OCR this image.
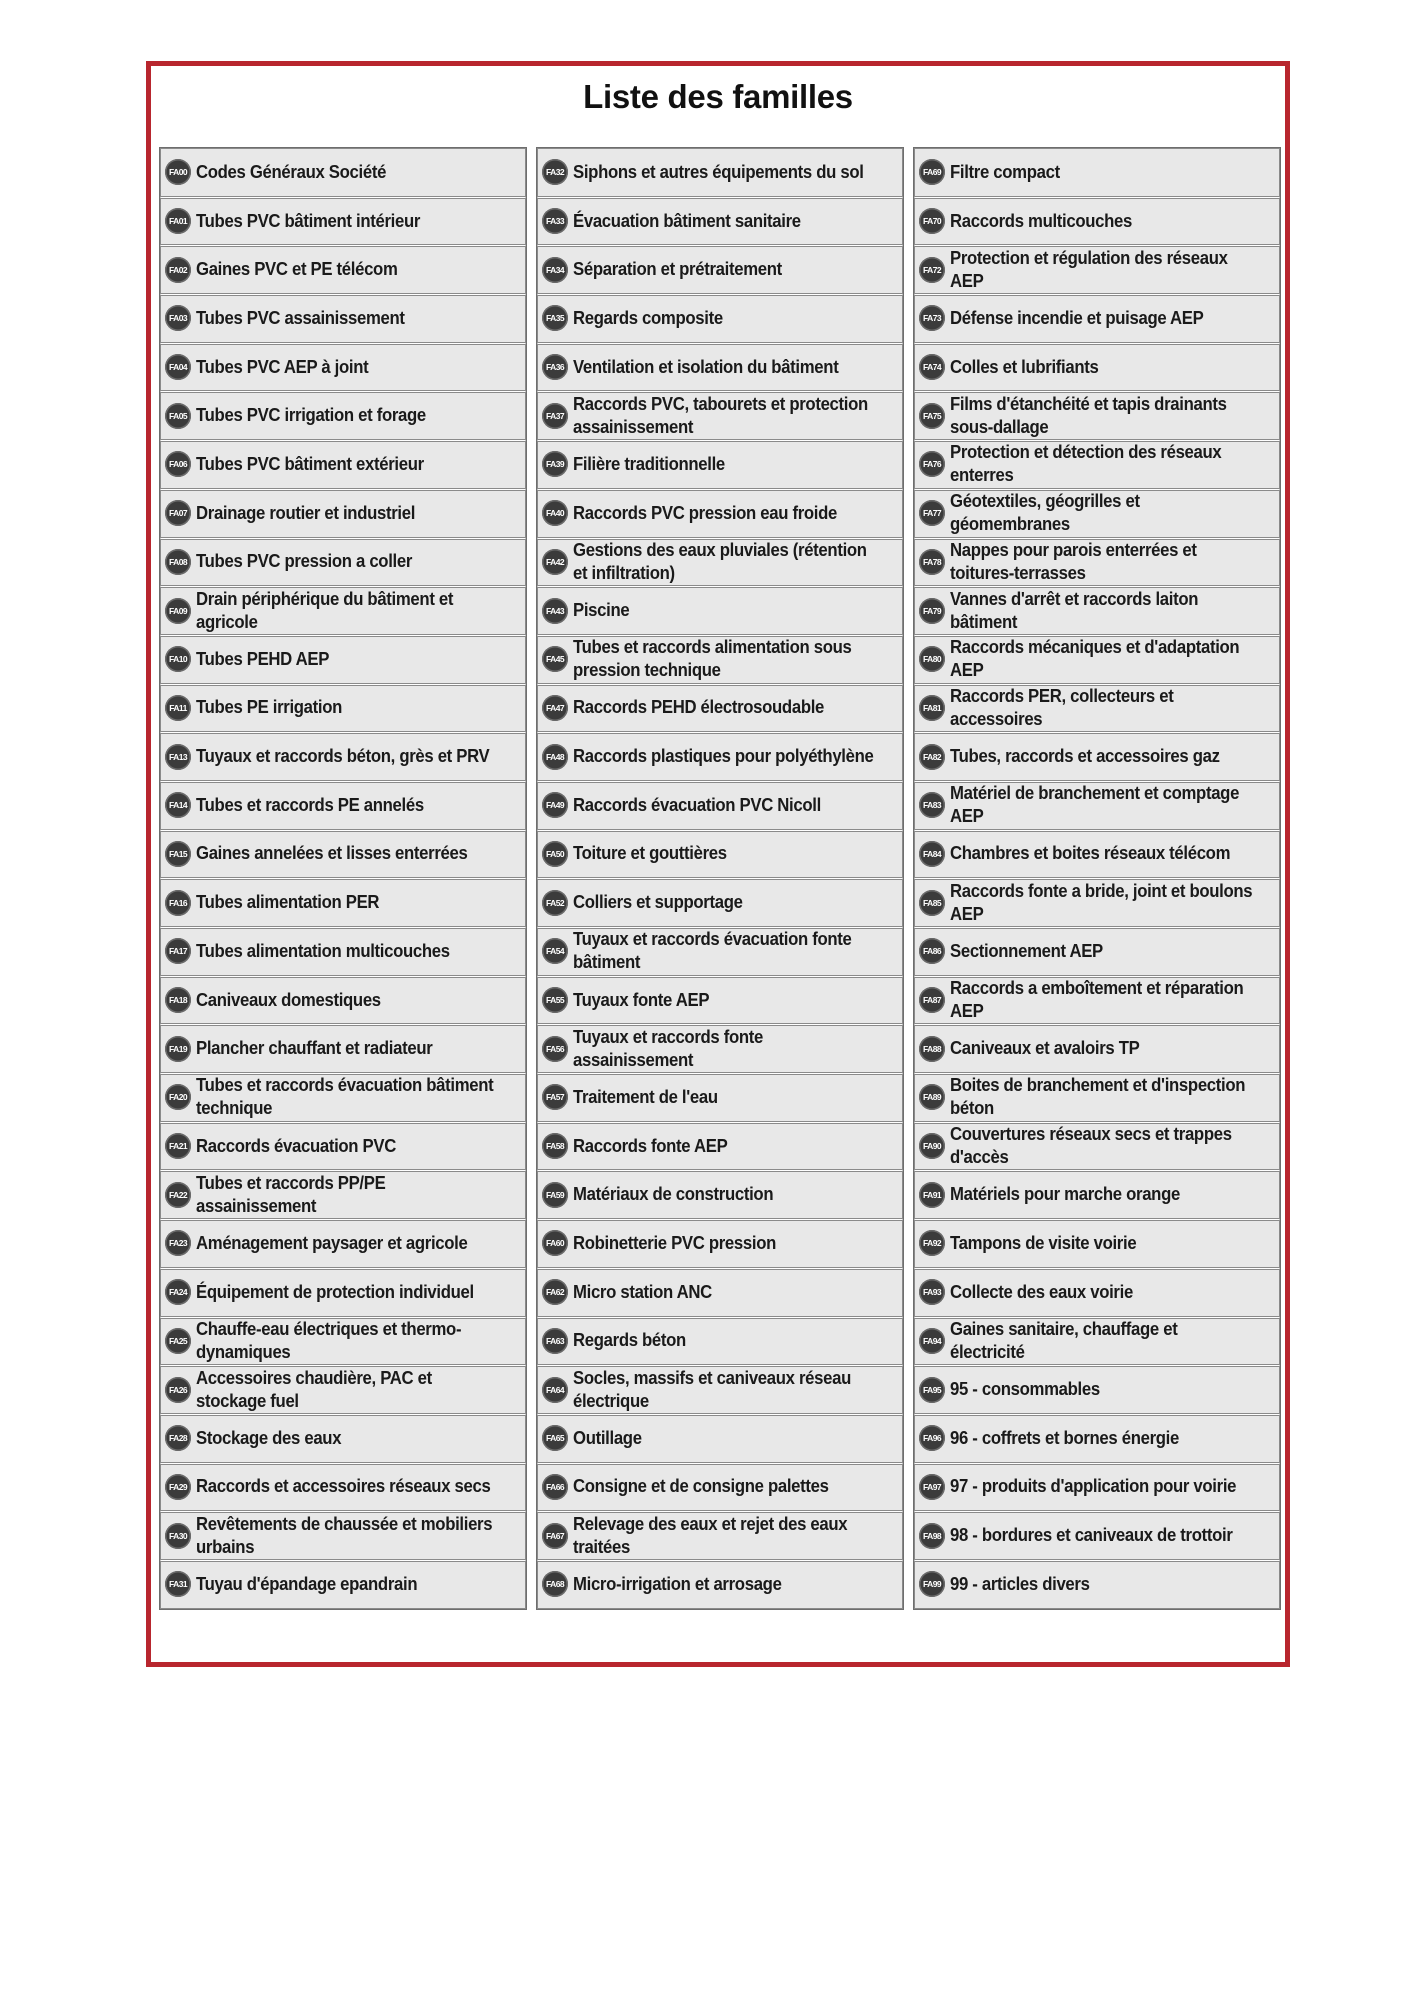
Liste des familles
FA00 Codes Généraux Société
FA01 Tubes PVC bâtiment intérieur
FA02 Gaines PVC et PE télécom
FA03 Tubes PVC assainissement
FA04 Tubes PVC AEP à joint
FA05 Tubes PVC irrigation et forage
FA06 Tubes PVC bâtiment extérieur
FA07 Drainage routier et industriel
FA08 Tubes PVC pression a coller
FA09
Drain périphérique du bâtiment et agricole
FA10 Tubes PEHD AEP
FA11 Tubes PE irrigation
FA13 Tuyaux et raccords béton, grès et PRV
FA14 Tubes et raccords PE annelés
FA15 Gaines annelées et lisses enterrées
FA16 Tubes alimentation PER
FA17 Tubes alimentation multicouches
FA18 Caniveaux domestiques
FA19 Plancher chauffant et radiateur
FA20
Tubes et raccords évacuation bâtiment technique
FA21 Raccords évacuation PVC
FA22
Tubes et raccords PP/PE assainissement
FA23 Aménagement paysager et agricole
FA24 Équipement de protection individuel
FA25
Chauffe-eau électriques et thermo-dynamiques
FA26
Accessoires chaudière, PAC et stockage fuel
FA28 Stockage des eaux
FA29 Raccords et accessoires réseaux secs
FA30
Revêtements de chaussée et mobiliers urbains
FA31 Tuyau d'épandage epandrain
FA32 Siphons et autres équipements du sol
FA33 Évacuation bâtiment sanitaire
FA34 Séparation et prétraitement
FA35 Regards composite
FA36 Ventilation et isolation du bâtiment
FA37
Raccords PVC, tabourets et protection assainissement
FA39 Filière traditionnelle
FA40 Raccords PVC pression eau froide
FA42
Gestions des eaux pluviales (rétention et infiltration)
FA43 Piscine
FA45
Tubes et raccords alimentation sous pression technique
FA47 Raccords PEHD électrosoudable
FA48 Raccords plastiques pour polyéthylène
FA49 Raccords évacuation PVC Nicoll
FA50 Toiture et gouttières
FA52 Colliers et supportage
FA54
Tuyaux et raccords évacuation fonte bâtiment
FA55 Tuyaux fonte AEP
FA56
Tuyaux et raccords fonte assainissement
FA57 Traitement de l'eau
FA58 Raccords fonte AEP
FA59 Matériaux de construction
FA60 Robinetterie PVC pression
FA62 Micro station ANC
FA63 Regards béton
FA64
Socles, massifs et caniveaux réseau électrique
FA65 Outillage
FA66 Consigne et de consigne palettes
FA67
Relevage des eaux et rejet des eaux traitées
FA68 Micro-irrigation et arrosage
FA69 Filtre compact
FA70 Raccords multicouches
FA72
Protection et régulation des réseaux AEP
FA73 Défense incendie et puisage AEP
FA74 Colles et lubrifiants
FA75
Films d'étanchéité et tapis drainants sous-dallage
FA76
Protection et détection des réseaux enterres
FA77
Géotextiles, géogrilles et géomembranes
FA78
Nappes pour parois enterrées et toitures-terrasses
FA79
Vannes d'arrêt et raccords laiton bâtiment
FA80
Raccords mécaniques et d'adaptation AEP
FA81
Raccords PER, collecteurs et accessoires
FA82 Tubes, raccords et accessoires gaz
FA83
Matériel de branchement et comptage AEP
FA84 Chambres et boites réseaux télécom
FA85
Raccords fonte a bride, joint et boulons AEP
FA86 Sectionnement AEP
FA87
Raccords a emboîtement et réparation AEP
FA88 Caniveaux et avaloirs TP
FA89
Boites de branchement et d'inspection béton
FA90
Couvertures réseaux secs et trappes d'accès
FA91 Matériels pour marche orange
FA92 Tampons de visite voirie
FA93 Collecte des eaux voirie
FA94
Gaines sanitaire, chauffage et électricité
FA95 95 - consommables
FA96 96 - coffrets et bornes énergie
FA97 97 - produits d'application pour voirie
FA98 98 - bordures et caniveaux de trottoir
FA99 99 - articles divers
